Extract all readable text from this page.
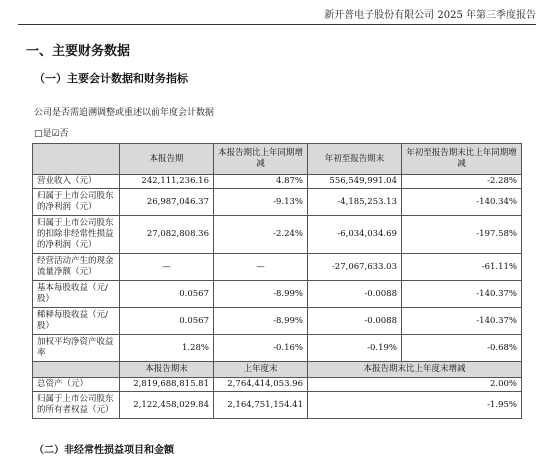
新开普电子股份有限公司 2025 年第三季度报告
一、主要财务数据
（一）主要会计数据和财务指标
公司是否需追溯调整或重述以前年度会计数据
□是☑否
	本报告期	本报告期比上年同期增减	年初至报告期末	年初至报告期末比上年同期增减
营业收入（元）	242,111,236.16	4.87%	556,549,991.04	-2.28%
归属于上市公司股东的净利润（元）	26,987,046.37	-9.13%	-4,185,253.13	-140.34%
归属于上市公司股东的扣除非经常性损益的净利润（元）	27,082,808.36	-2.24%	-6,034,034.69	-197.58%
经营活动产生的现金流量净额（元）	—	—	-27,067,633.03	-61.11%
基本每股收益（元/股）	0.0567	-8.99%	-0.0088	-140.37%
稀释每股收益（元/股）	0.0567	-8.99%	-0.0088	-140.37%
加权平均净资产收益率	1.28%	-0.16%	-0.19%	-0.68%
	本报告期末	上年度末	本报告期末比上年度末增减	
总资产（元）	2,819,688,815.81	2,764,414,053.96	2.00%	
归属于上市公司股东的所有者权益（元）	2,122,458,029.84	2,164,751,154.41	-1.95%	
（二）非经常性损益项目和金额
